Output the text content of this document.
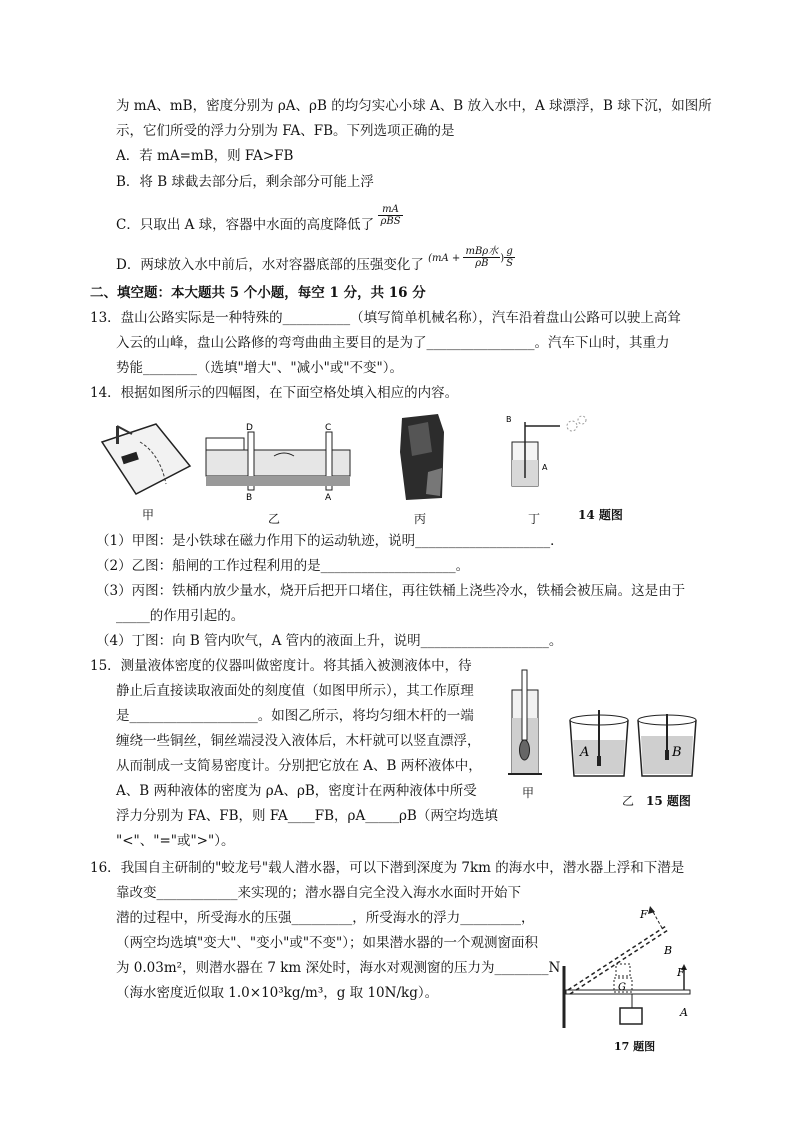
为 mA、mB，密度分别为 ρA、ρB 的均匀实心小球 A、B 放入水中，A 球漂浮，B 球下沉，如图所
示，它们所受的浮力分别为 FA、FB。下列选项正确的是
A．若 mA=mB，则 FA>FB
B．将 B 球截去部分后，剩余部分可能上浮
C．只取出 A 球，容器中水面的高度降低了 $\frac{mA}{\text{ρBS}}$
D．两球放入水中前后，水对容器底部的压强变化了 $^{(mA +} \frac{\text{mBρ水}}{\rho B} ^) \frac{g}{S}$
二、填空题：本大题共 5 个小题，每空 1 分，共 16 分
13．盘山公路实际是一种特殊的__________（填写简单机械名称），汽车沿着盘山公路可以驶上高耸
入云的山峰，盘山公路修的弯弯曲曲主要目的是为了________________。汽车下山时，其重力
势能________（选填"增大"、"减小"或"不变"）。
14．根据如图所示的四幅图，在下面空格处填入相应的内容。
甲
D	C
B	A
乙	丙
B
A
丁	14 题图
（1）甲图：是小铁球在磁力作用下的运动轨迹，说明____________________．
（2）乙图：船闸的工作过程利用的是____________________。
（3）丙图：铁桶内放少量水，烧开后把开口堵住，再往铁桶上浇些冷水，铁桶会被压扁。这是由于
_____的作用引起的。
（4）丁图：向 B 管内吹气，A 管内的液面上升，说明___________________。
15．测量液体密度的仪器叫做密度计。将其插入被测液体中，待
静止后直接读取液面处的刻度值（如图甲所示），其工作原理
是___________________。如图乙所示，将均匀细木杆的一端
缠绕一些铜丝，铜丝端浸没入液体后，木杆就可以竖直漂浮，
从而制成一支简易密度计。分别把它放在 A、B 两杯液体中，
A、B 两种液体的密度为 ρA、ρB，密度计在两种液体中所受
浮力分别为 FA、FB，则 FA____FB，ρA_____ρB（两空均选填
"<"、"="或">"）。
甲
A	B
乙 15 题图
16．我国自主研制的"蛟龙号"载人潜水器，可以下潜到深度为 7km 的海水中，潜水器上浮和下潜是
靠改变____________来实现的；潜水器自完全没入海水水面时开始下
潜的过程中，所受海水的压强_________，所受海水的浮力_________，
（两空均选填"变大"、"变小"或"不变"）；如果潜水器的一个观测窗面积
为 0.03m²，则潜水器在 7 km 深处时，海水对观测窗的压力为________N
（海水密度近似取 1.0×10³kg/m³，g 取 10N/kg）。
F
B
F
G
A
17 题图
